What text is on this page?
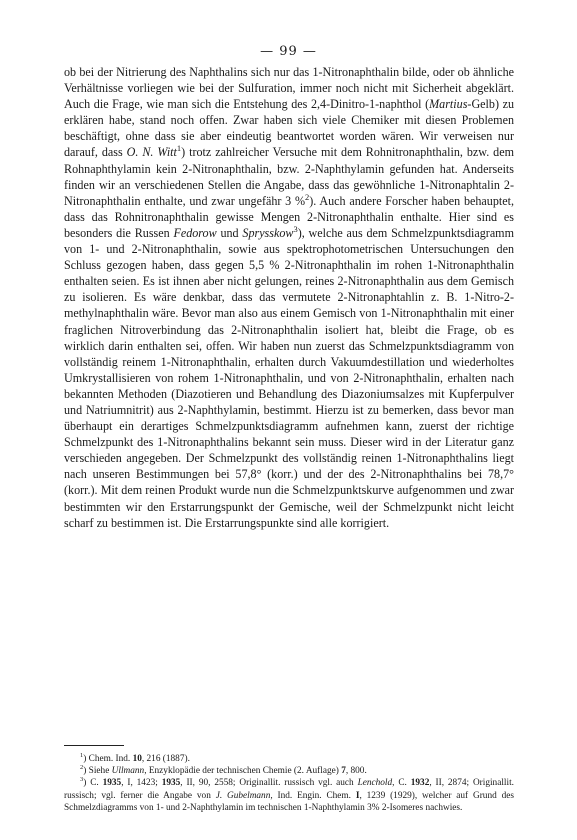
— 99 —

ob bei der Nitrierung des Naphthalins sich nur das 1-Nitronaphthalin bilde, oder ob ähnliche Verhältnisse vorliegen wie bei der Sulfuration, immer noch nicht mit Sicherheit abgeklärt. Auch die Frage, wie man sich die Entstehung des 2,4-Dinitro-1-naphthol (Martius-Gelb) zu erklären habe, stand noch offen. Zwar haben sich viele Chemiker mit diesen Problemen beschäftigt, ohne dass sie aber eindeutig beantwortet worden wären. Wir verweisen nur darauf, dass O. N. Witt$^1$) trotz zahlreicher Versuche mit dem Rohnitronaphthalin, bzw. dem Rohnaphthylamin kein 2-Nitronaphthalin, bzw. 2-Naphthylamin gefunden hat. Anderseits finden wir an verschiedenen Stellen die Angabe, dass das gewöhnliche 1-Nitronaphtalin 2-Nitronaphthalin enthalte, und zwar ungefähr 3 %$^2$). Auch andere Forscher haben behauptet, dass das Rohnitronaphthalin gewisse Mengen 2-Nitronaphthalin enthalte. Hier sind es besonders die Russen Fedorow und Sprysskow$^3$), welche aus dem Schmelzpunktsdiagramm von 1- und 2-Nitronaphthalin, sowie aus spektrophotometrischen Untersuchungen den Schluss gezogen haben, dass gegen 5,5 % 2-Nitronaphthalin im rohen 1-Nitronaphthalin enthalten seien. Es ist ihnen aber nicht gelungen, reines 2-Nitronaphthalin aus dem Gemisch zu isolieren. Es wäre denkbar, dass das vermutete 2-Nitronaphtahlin z. B. 1-Nitro-2-methylnaphthalin wäre. Bevor man also aus einem Gemisch von 1-Nitronaphthalin mit einer fraglichen Nitroverbindung das 2-Nitronaphthalin isoliert hat, bleibt die Frage, ob es wirklich darin enthalten sei, offen. Wir haben nun zuerst das Schmelzpunktsdiagramm von vollständig reinem 1-Nitronaphthalin, erhalten durch Vakuumdestillation und wiederholtes Umkrystallisieren von rohem 1-Nitronaphthalin, und von 2-Nitronaphthalin, erhalten nach bekannten Methoden (Diazotieren und Behandlung des Diazoniumsalzes mit Kupferpulver und Natriumnitrit) aus 2-Naphthylamin, bestimmt. Hierzu ist zu bemerken, dass bevor man überhaupt ein derartiges Schmelzpunktsdiagramm aufnehmen kann, zuerst der richtige Schmelzpunkt des 1-Nitronaphthalins bekannt sein muss. Dieser wird in der Literatur ganz verschieden angegeben. Der Schmelzpunkt des vollständig reinen 1-Nitronaphthalins liegt nach unseren Bestimmungen bei 57,8° (korr.) und der des 2-Nitronaphthalins bei 78,7° (korr.). Mit dem reinen Produkt wurde nun die Schmelzpunktskurve aufgenommen und zwar bestimmten wir den Erstarrungspunkt der Gemische, weil der Schmelzpunkt nicht leicht scharf zu bestimmen ist. Die Erstarrungspunkte sind alle korrigiert.

$^1$) Chem. Ind. 10, 216 (1887).

$^2$) Siehe Ullmann, Enzyklopädie der technischen Chemie (2. Auflage) 7, 800.

$^3$) C. 1935, I, 1423; 1935, II, 90, 2558; Originallit. russisch vgl. auch Lenchold, C. 1932, II, 2874; Originallit. russisch; vgl. ferner die Angabe von J. Gubelmann, Ind. Engin. Chem. I, 1239 (1929), welcher auf Grund des Schmelzdiagramms von 1- und 2-Naphthylamin im technischen 1-Naphthylamin 3% 2-Isomeres nachwies.
